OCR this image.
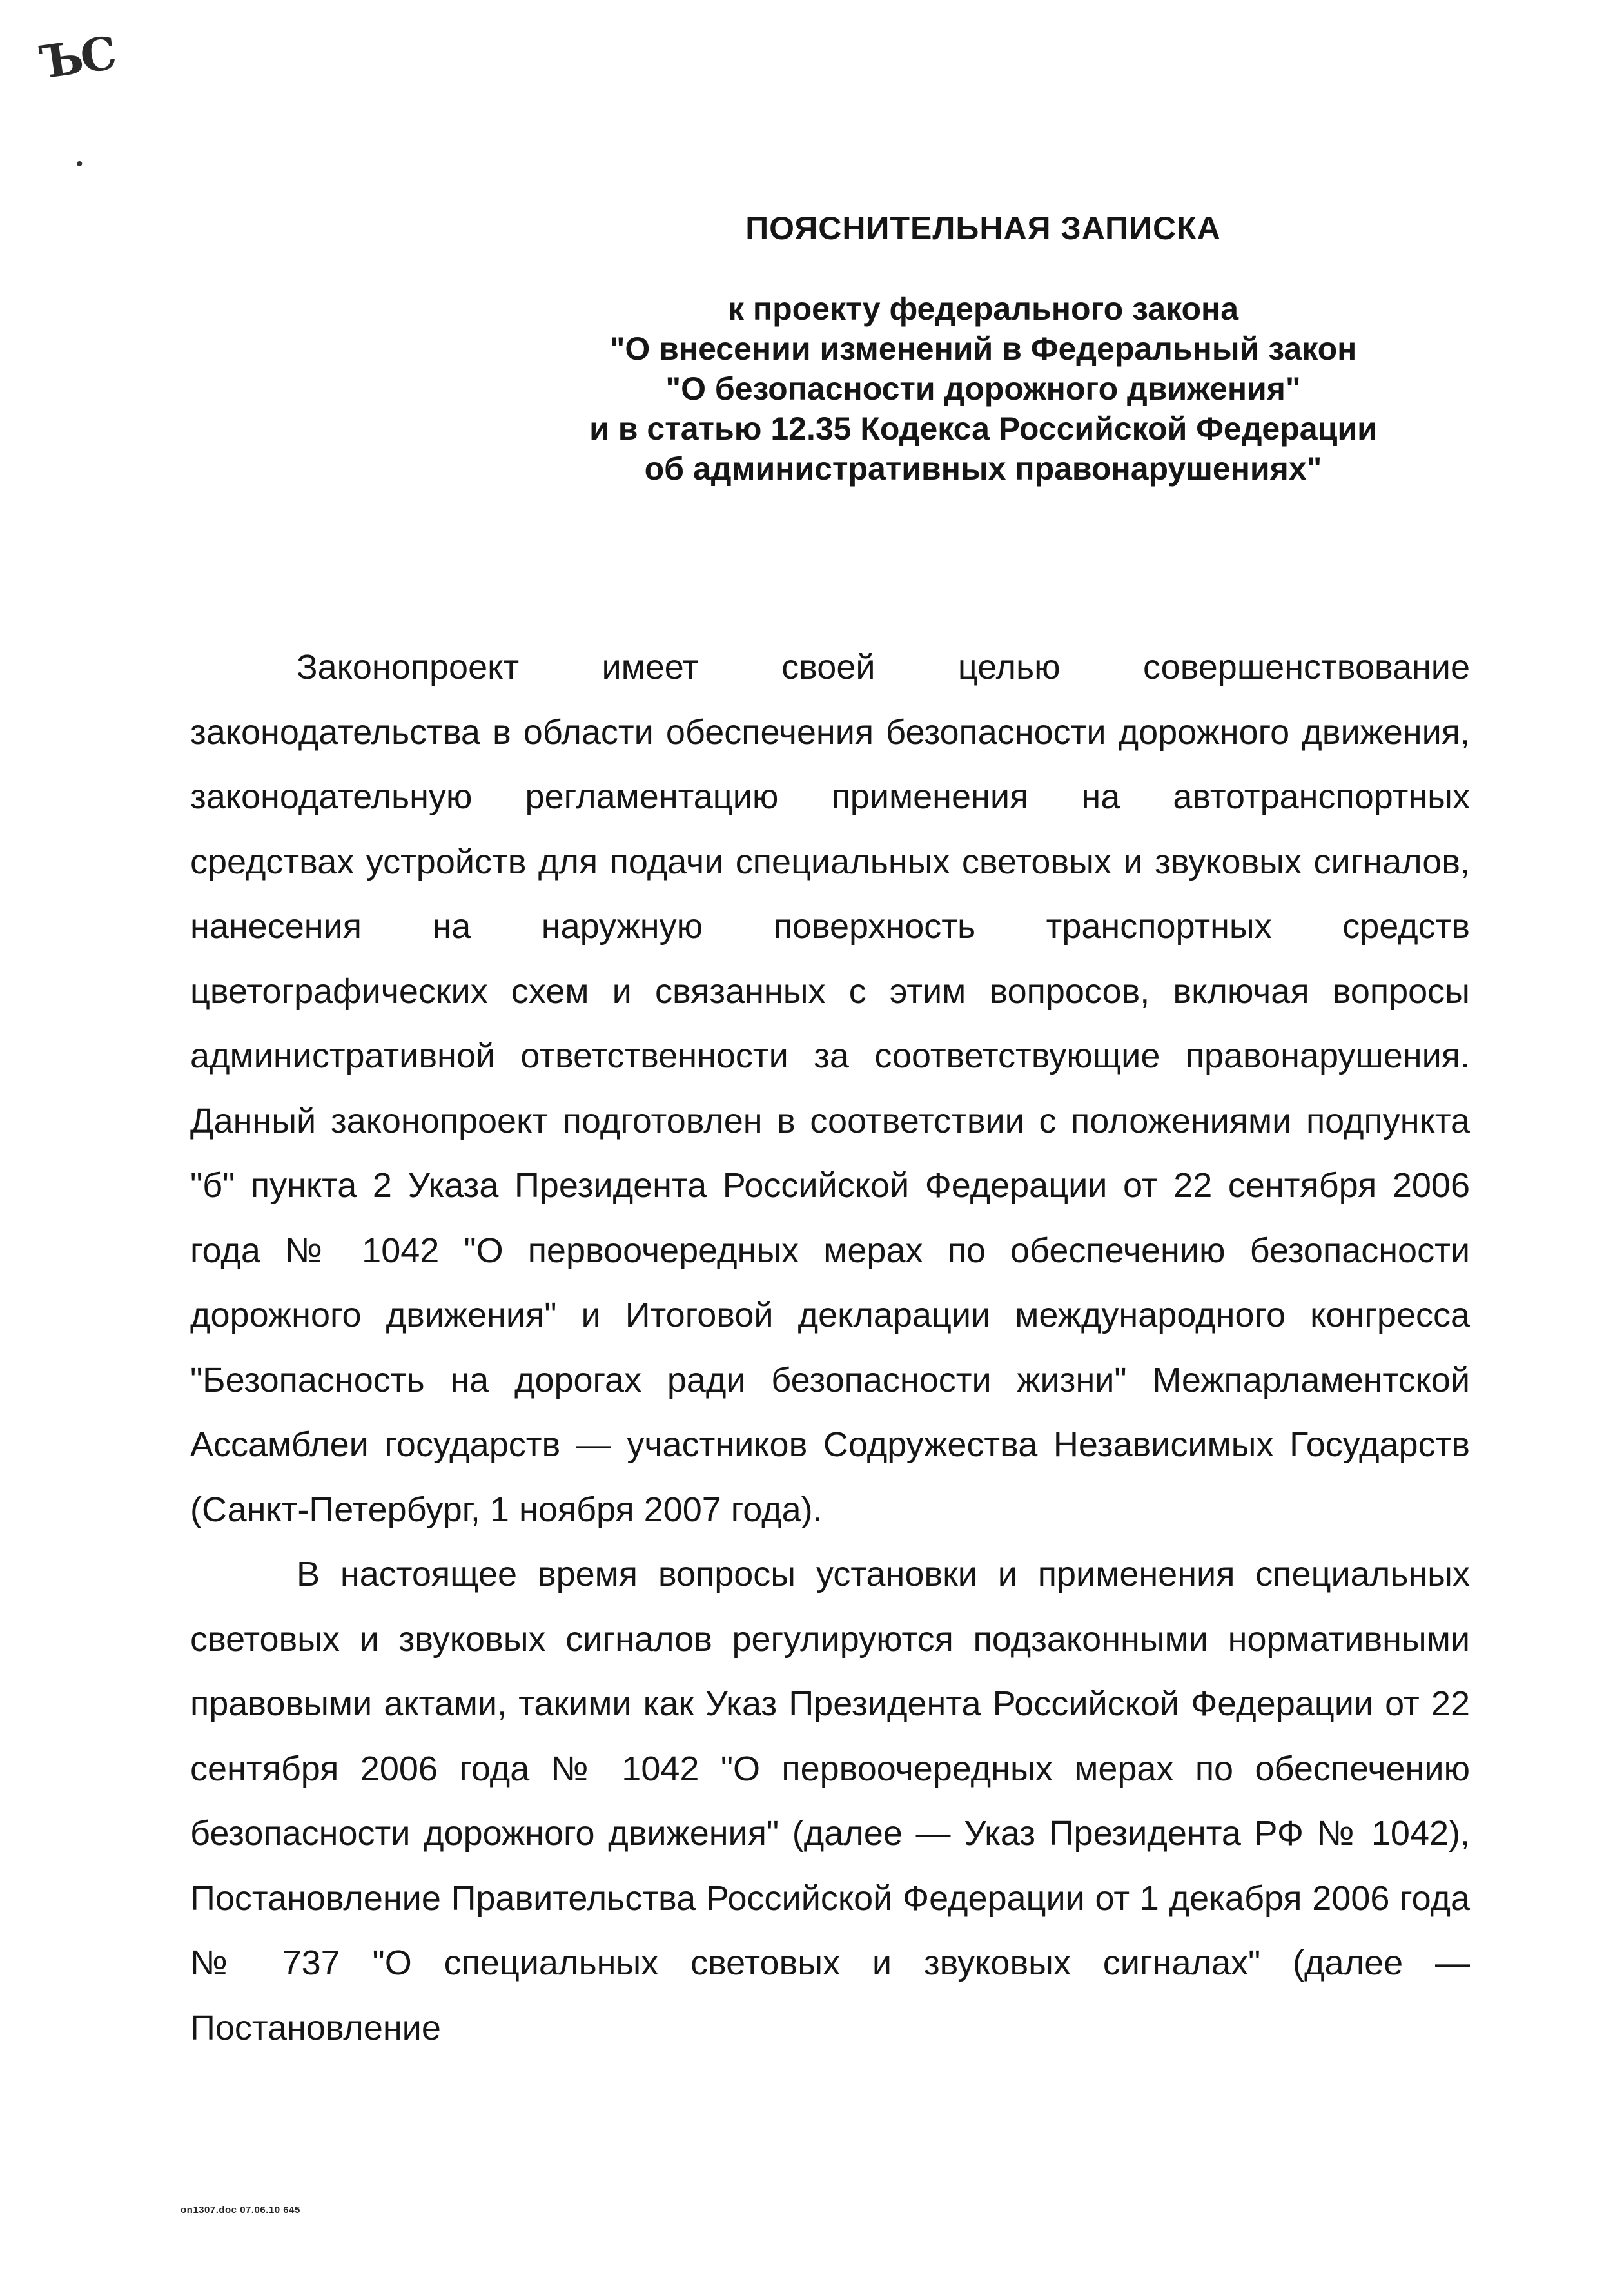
ЪС
•
ПОЯСНИТЕЛЬНАЯ ЗАПИСКА
к проекту федерального закона
"О внесении изменений в Федеральный закон
"О безопасности дорожного движения"
и в статью 12.35 Кодекса Российской Федерации
об административных правонарушениях"

Законопроект имеет своей целью совершенствование законодательства в области обеспечения безопасности дорожного движения, законодательную регламентацию применения на автотранспортных средствах устройств для подачи специальных световых и звуковых сигналов, нанесения на наружную поверхность транспортных средств цветографических схем и связанных с этим вопросов, включая вопросы административной ответственности за соответствующие правонарушения. Данный законопроект подготовлен в соответствии с положениями подпункта "б" пункта 2 Указа Президента Российской Федерации от 22 сентября 2006 года № 1042 "О первоочередных мерах по обеспечению безопасности дорожного движения" и Итоговой декларации международного конгресса "Безопасность на дорогах ради безопасности жизни" Межпарламентской Ассамблеи государств — участников Содружества Независимых Государств (Санкт-Петербург, 1 ноября 2007 года).

В настоящее время вопросы установки и применения специальных световых и звуковых сигналов регулируются подзаконными нормативными правовыми актами, такими как Указ Президента Российской Федерации от 22 сентября 2006 года № 1042 "О первоочередных мерах по обеспечению безопасности дорожного движения" (далее — Указ Президента РФ № 1042), Постановление Правительства Российской Федерации от 1 декабря 2006 года № 737 "О специальных световых и звуковых сигналах" (далее — Постановление

on1307.doc 07.06.10 645
